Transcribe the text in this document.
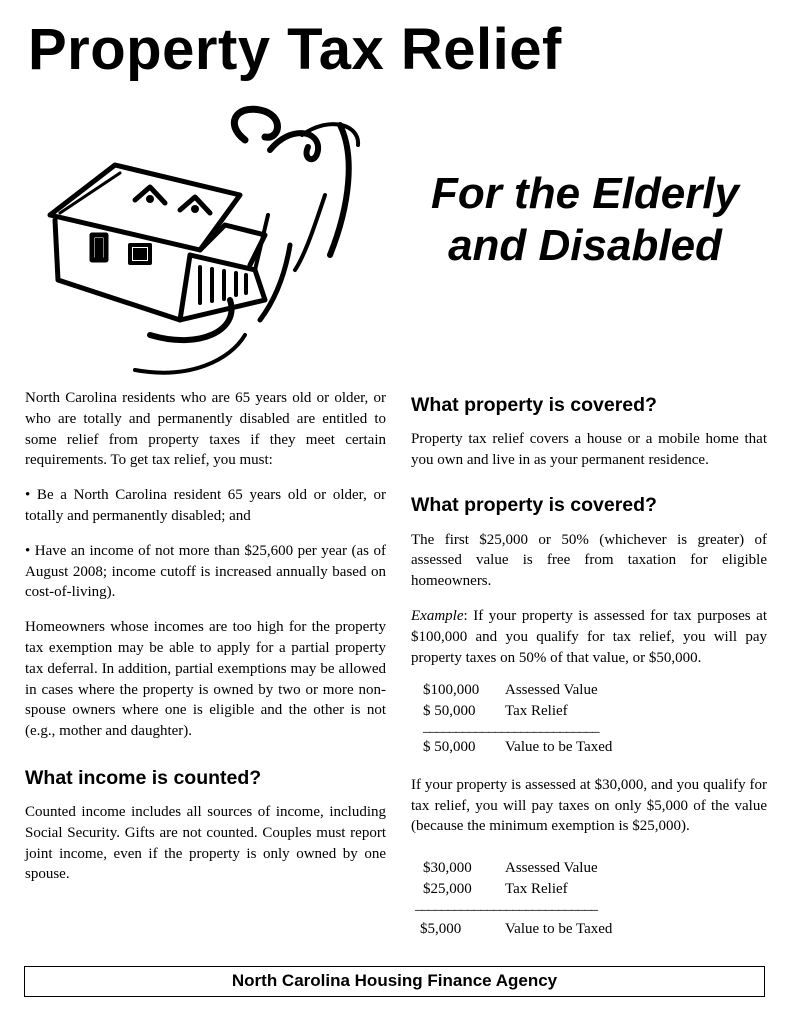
Property Tax Relief
For the Elderly
and Disabled

North Carolina residents who are 65 years old or older, or who are totally and permanently disabled are entitled to some relief from property taxes if they meet certain requirements. To get tax relief, you must:

• Be a North Carolina resident 65 years old or older, or totally and permanently disabled; and

• Have an income of not more than $25,600 per year (as of August 2008; income cutoff is increased annually based on cost-of-living).

Homeowners whose incomes are too high for the property tax exemption may be able to apply for a partial property tax deferral. In addition, partial exemptions may be allowed in cases where the property is owned by two or more non-spouse owners where one is eligible and the other is not (e.g., mother and daughter).

What income is counted?

Counted income includes all sources of income, including Social Security. Gifts are not counted. Couples must report joint income, even if the property is only owned by one spouse.

What property is covered?

Property tax relief covers a house or a mobile home that you own and live in as your permanent residence.

What property is covered?

The first $25,000 or 50% (whichever is greater) of assessed value is free from taxation for eligible homeowners.

Example: If your property is assessed for tax purposes at $100,000 and you qualify for tax relief, you will pay property taxes on 50% of that value, or $50,000.

$100,000	Assessed Value
$ 50,000	Tax Relief
___________________________
$ 50,000	Value to be Taxed

If your property is assessed at $30,000, and you qualify for tax relief, you will pay taxes on only $5,000 of the value (because the minimum exemption is $25,000).

$30,000	Assessed Value
$25,000	Tax Relief
____________________________
$5,000	Value to be Taxed
North Carolina Housing Finance Agency
